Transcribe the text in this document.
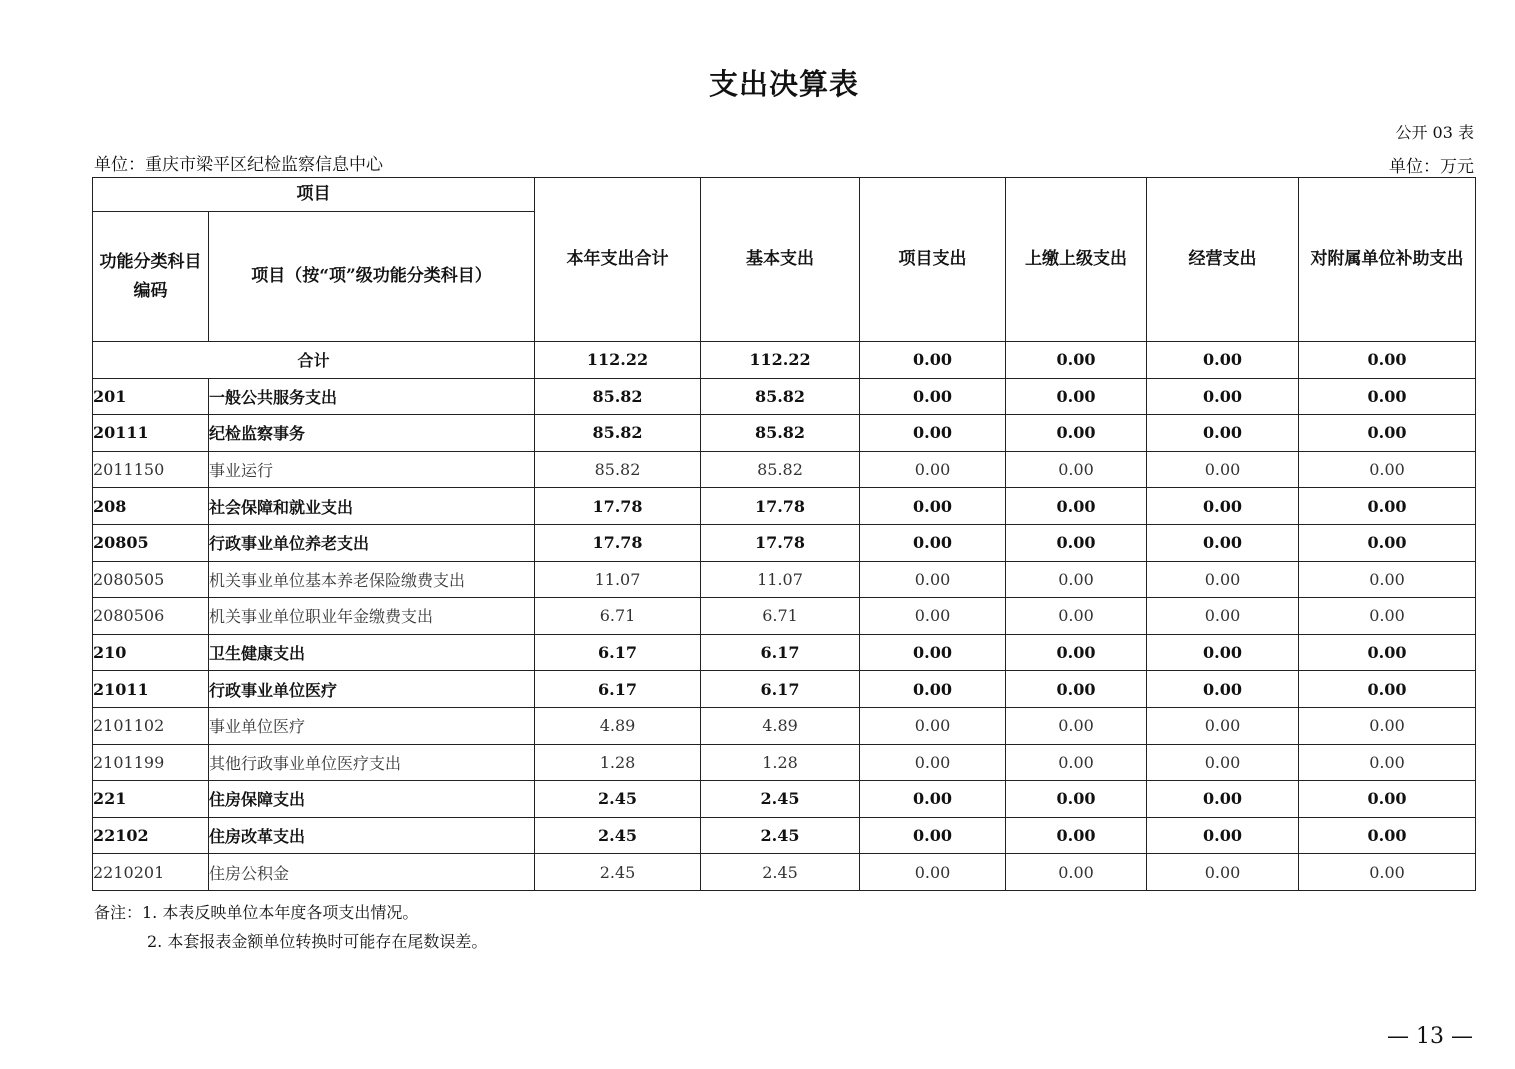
支出决算表
公开 03 表
单位：重庆市梁平区纪检监察信息中心	单位：万元
项目		本年支出合计	基本支出	项目支出	上缴上级支出	经营支出	对附属单位补助支出
功能分类科目编码	项目（按“项”级功能分类科目）						
合计		112.22	112.22	0.00	0.00	0.00	0.00
201	一般公共服务支出	85.82	85.82	0.00	0.00	0.00	0.00
20111	纪检监察事务	85.82	85.82	0.00	0.00	0.00	0.00
2011150	事业运行	85.82	85.82	0.00	0.00	0.00	0.00
208	社会保障和就业支出	17.78	17.78	0.00	0.00	0.00	0.00
20805	行政事业单位养老支出	17.78	17.78	0.00	0.00	0.00	0.00
2080505	机关事业单位基本养老保险缴费支出	11.07	11.07	0.00	0.00	0.00	0.00
2080506	机关事业单位职业年金缴费支出	6.71	6.71	0.00	0.00	0.00	0.00
210	卫生健康支出	6.17	6.17	0.00	0.00	0.00	0.00
21011	行政事业单位医疗	6.17	6.17	0.00	0.00	0.00	0.00
2101102	事业单位医疗	4.89	4.89	0.00	0.00	0.00	0.00
2101199	其他行政事业单位医疗支出	1.28	1.28	0.00	0.00	0.00	0.00
221	住房保障支出	2.45	2.45	0.00	0.00	0.00	0.00
22102	住房改革支出	2.45	2.45	0.00	0.00	0.00	0.00
2210201	住房公积金	2.45	2.45	0.00	0.00	0.00	0.00
备注：1. 本表反映单位本年度各项支出情况。
2. 本套报表金额单位转换时可能存在尾数误差。
— 13 —
